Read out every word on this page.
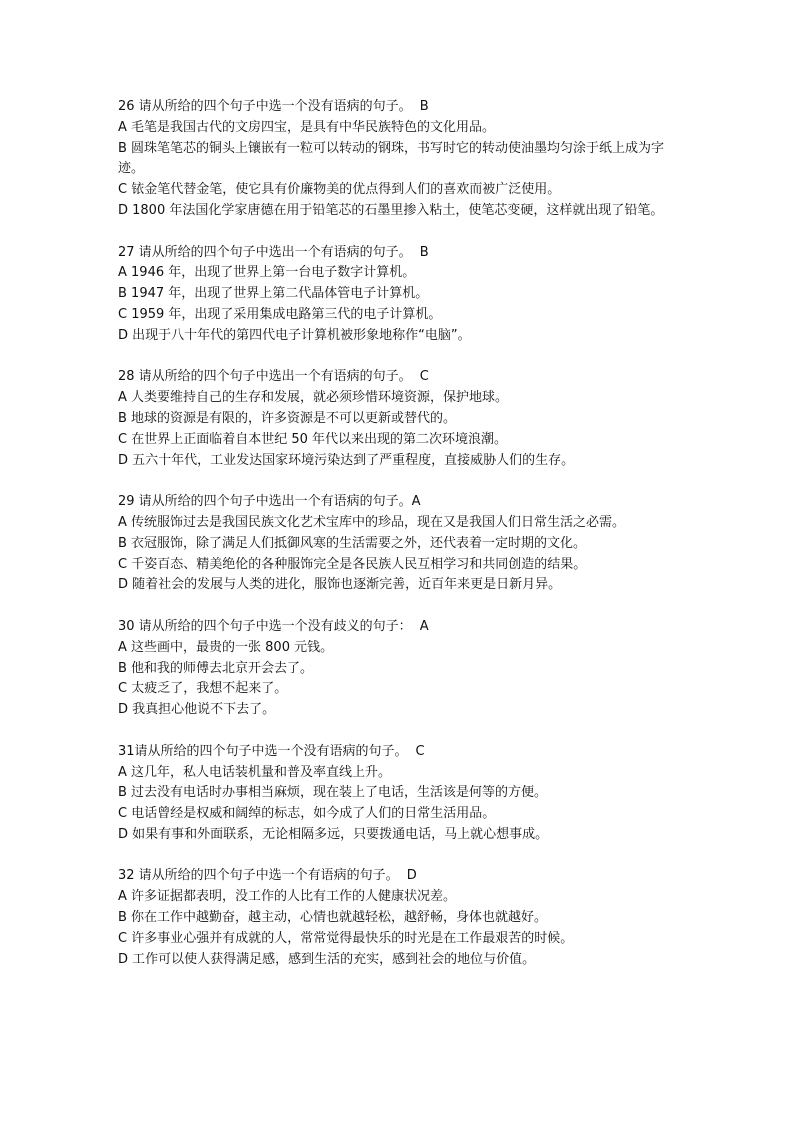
26 请从所给的四个句子中选一个没有语病的句子。 B

A 毛笔是我国古代的文房四宝，是具有中华民族特色的文化用品。

B 圆珠笔笔芯的铜头上镶嵌有一粒可以转动的钢珠，书写时它的转动使油墨均匀涂于纸上成为字迹。

C 铱金笔代替金笔，使它具有价廉物美的优点得到人们的喜欢而被广泛使用。

D 1800 年法国化学家唐德在用于铅笔芯的石墨里掺入粘土，使笔芯变硬，这样就出现了铅笔。

27 请从所给的四个句子中选出一个有语病的句子。 B

A 1946 年，出现了世界上第一台电子数字计算机。

B 1947 年，出现了世界上第二代晶体管电子计算机。

C 1959 年，出现了采用集成电路第三代的电子计算机。

D 出现于八十年代的第四代电子计算机被形象地称作“电脑”。

28 请从所给的四个句子中选出一个有语病的句子。 C

A 人类要维持自己的生存和发展，就必须珍惜环境资源，保护地球。

B 地球的资源是有限的，许多资源是不可以更新或替代的。

C 在世界上正面临着自本世纪 50 年代以来出现的第二次环境浪潮。

D 五六十年代，工业发达国家环境污染达到了严重程度，直接威胁人们的生存。

29 请从所给的四个句子中选出一个有语病的句子。A

A 传统服饰过去是我国民族文化艺术宝库中的珍品，现在又是我国人们日常生活之必需。

B 衣冠服饰，除了满足人们抵御风寒的生活需要之外，还代表着一定时期的文化。

C 千姿百态、精美绝伦的各种服饰完全是各民族人民互相学习和共同创造的结果。

D 随着社会的发展与人类的进化，服饰也逐渐完善，近百年来更是日新月异。

30 请从所给的四个句子中选一个没有歧义的句子： A

A 这些画中，最贵的一张 800 元钱。

B 他和我的师傅去北京开会去了。

C 太疲乏了，我想不起来了。

D 我真担心他说不下去了。

31请从所给的四个句子中选一个没有语病的句子。 C

A 这几年，私人电话装机量和普及率直线上升。

B 过去没有电话时办事相当麻烦，现在装上了电话，生活该是何等的方便。

C 电话曾经是权威和阔绰的标志，如今成了人们的日常生活用品。

D 如果有事和外面联系，无论相隔多远，只要拨通电话，马上就心想事成。

32 请从所给的四个句子中选一个有语病的句子。 D

A 许多证据都表明，没工作的人比有工作的人健康状况差。

B 你在工作中越勤奋，越主动，心情也就越轻松，越舒畅，身体也就越好。

C 许多事业心强并有成就的人，常常觉得最快乐的时光是在工作最艰苦的时候。

D 工作可以使人获得满足感，感到生活的充实，感到社会的地位与价值。
